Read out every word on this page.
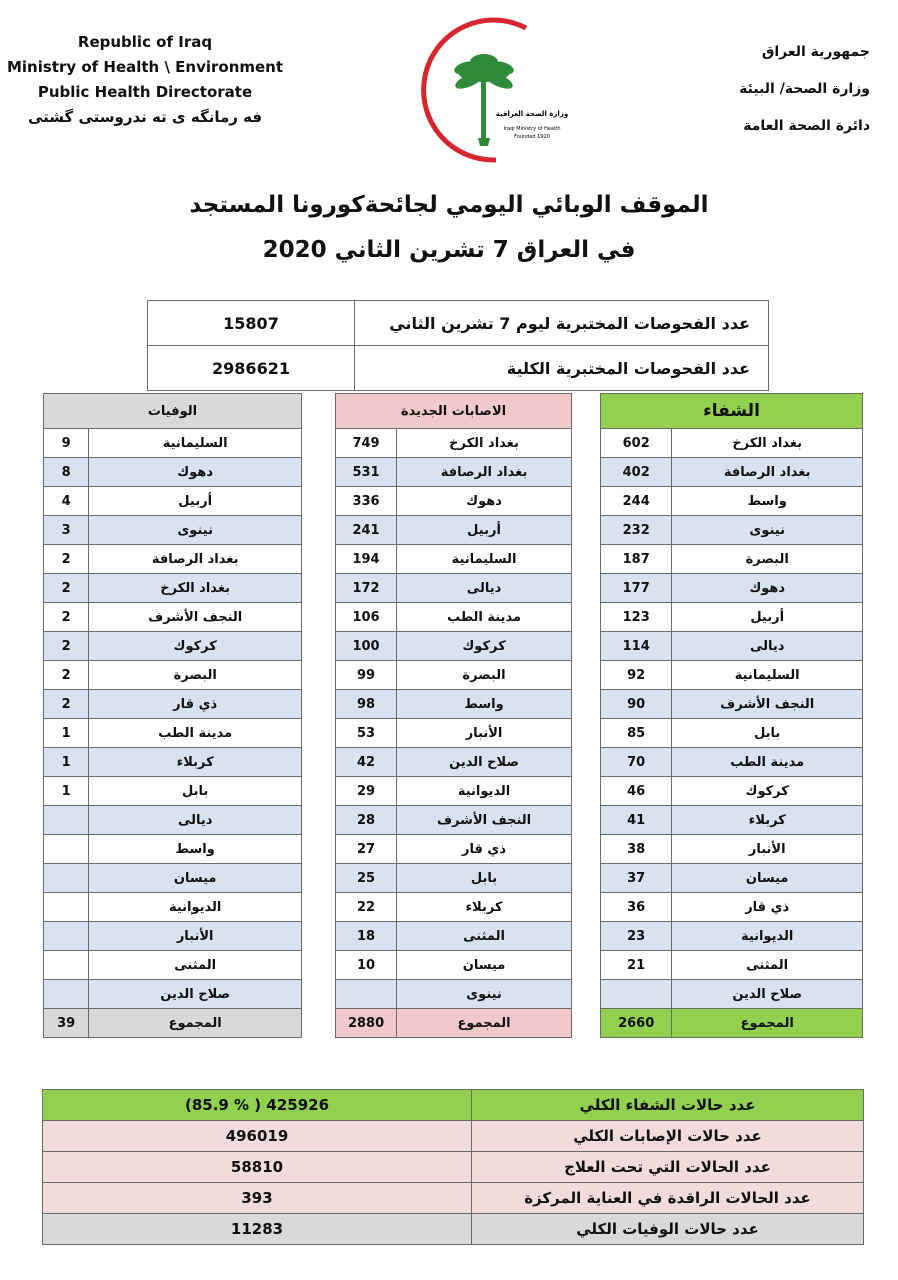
Republic of Iraq
Ministry of Health \ Environment
Public Health Directorate
فه رمانگه ى ته ندروستى گشتى	وزارة الصحة العراقية
Iraqi Ministry of Health
Founded 1920
جمهورية العراق
وزارة الصحة/ البيئة
دائرة الصحة العامة
الموقف الوبائي اليومي لجائحةكورونا المستجد
في العراق 7 تشرين الثاني 2020
15807	عدد الفحوصات المختبرية ليوم 7 تشرين الثاني
2986621	عدد الفحوصات المختبرية الكلية
الوفيات	
9	السليمانية
8	دهوك
4	أربيل
3	نينوى
2	بغداد الرصافة
2	بغداد الكرخ
2	النجف الأشرف
2	كركوك
2	البصرة
2	ذي قار
1	مدينة الطب
1	كربلاء
1	بابل
	ديالى
	واسط
	ميسان
	الديوانية
	الأنبار
	المثنى
	صلاح الدين
39	المجموع
الاصابات الجديدة	
749	بغداد الكرخ
531	بغداد الرصافة
336	دهوك
241	أربيل
194	السليمانية
172	ديالى
106	مدينة الطب
100	كركوك
99	البصرة
98	واسط
53	الأنبار
42	صلاح الدين
29	الديوانية
28	النجف الأشرف
27	ذي قار
25	بابل
22	كربلاء
18	المثنى
10	ميسان
	نينوى
2880	المجموع
الشفاء	
602	بغداد الكرخ
402	بغداد الرصافة
244	واسط
232	نينوى
187	البصرة
177	دهوك
123	أربيل
114	ديالى
92	السليمانية
90	النجف الأشرف
85	بابل
70	مدينة الطب
46	كركوك
41	كربلاء
38	الأنبار
37	ميسان
36	ذي قار
23	الديوانية
21	المثنى
	صلاح الدين
2660	المجموع
(85.9 % ) 425926	عدد حالات الشفاء الكلي
496019	عدد حالات الإصابات الكلي
58810	عدد الحالات التي تحت العلاج
393	عدد الحالات الراقدة في العناية المركزة
11283	عدد حالات الوفيات الكلي
